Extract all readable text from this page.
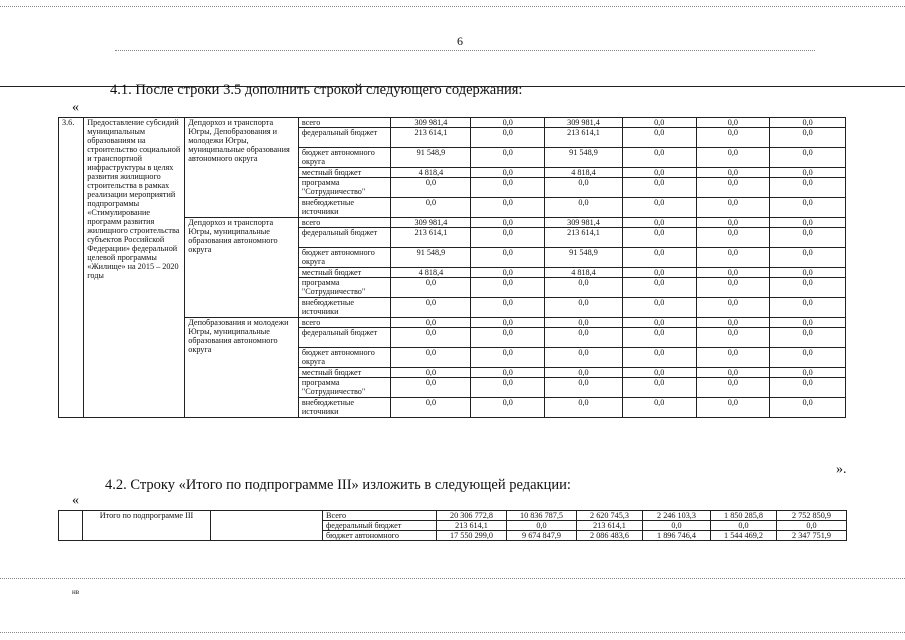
6
4.1. После строки 3.5 дополнить строкой следующего содержания:
«
3.6.	Предоставление субсидий муниципальным образованиям на строительство социальной и транспортной инфраструктуры в целях развития жилищного строительства в рамках реализации мероприятий подпрограммы «Стимулирование программ развития жилищного строительства субъектов Российской Федерации» федеральной целевой программы «Жилище» на 2015 – 2020 годы	Депдорхоз и транспорта Югры, Депобразования и молодежи Югры, муниципальные образования автономного округа	всего	309 981,4	0,0	309 981,4	0,0	0,0	0,0
			федеральный бюджет	213 614,1	0,0	213 614,1	0,0	0,0	0,0
			бюджет автономного округа	91 548,9	0,0	91 548,9	0,0	0,0	0,0
			местный бюджет	4 818,4	0,0	4 818,4	0,0	0,0	0,0
			программа "Сотрудничество"	0,0	0,0	0,0	0,0	0,0	0,0
			внебюджетные источники	0,0	0,0	0,0	0,0	0,0	0,0
		Депдорхоз и транспорта Югры, муниципальные образования автономного округа	всего	309 981,4	0,0	309 981,4	0,0	0,0	0,0
			федеральный бюджет	213 614,1	0,0	213 614,1	0,0	0,0	0,0
			бюджет автономного округа	91 548,9	0,0	91 548,9	0,0	0,0	0,0
			местный бюджет	4 818,4	0,0	4 818,4	0,0	0,0	0,0
			программа "Сотрудничество"	0,0	0,0	0,0	0,0	0,0	0,0
			внебюджетные источники	0,0	0,0	0,0	0,0	0,0	0,0
		Депобразования и молодежи Югры, муниципальные образования автономного округа	всего	0,0	0,0	0,0	0,0	0,0	0,0
			федеральный бюджет	0,0	0,0	0,0	0,0	0,0	0,0
			бюджет автономного округа	0,0	0,0	0,0	0,0	0,0	0,0
			местный бюджет	0,0	0,0	0,0	0,0	0,0	0,0
			программа "Сотрудничество"	0,0	0,0	0,0	0,0	0,0	0,0
			внебюджетные источники	0,0	0,0	0,0	0,0	0,0	0,0
».
4.2. Строку «Итого по подпрограмме III» изложить в следующей редакции:
«
	Итого по подпрограмме III		Всего	20 306 772,8	10 836 787,5	2 620 745,3	2 246 103,3	1 850 285,8	2 752 850,9
			федеральный бюджет	213 614,1	0,0	213 614,1	0,0	0,0	0,0
			бюджет автономного	17 550 299,0	9 674 847,9	2 086 483,6	1 896 746,4	1 544 469,2	2 347 751,9
нв
